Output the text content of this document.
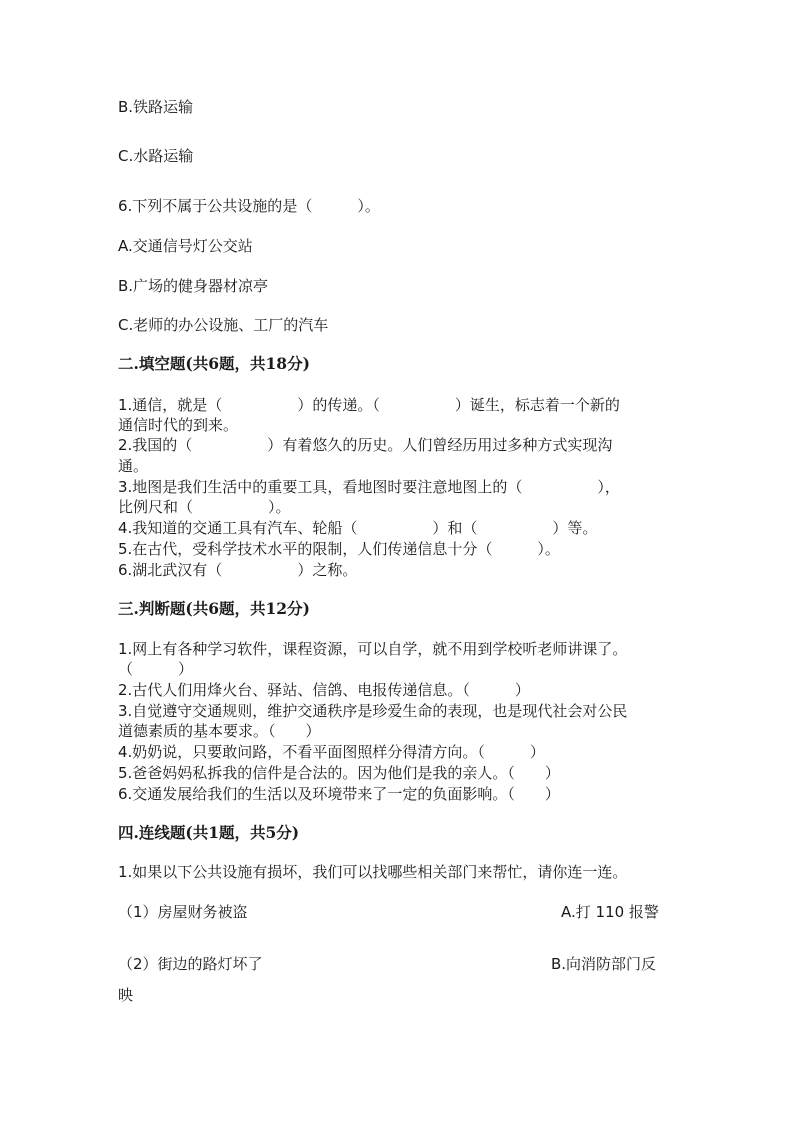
B.铁路运输
C.水路运输
6.下列不属于公共设施的是（　　　）。
A.交通信号灯公交站
B.广场的健身器材凉亭
C.老师的办公设施、工厂的汽车
二.填空题(共6题，共18分)
1.通信，就是（　　　　　）的传递。（　　　　　）诞生，标志着一个新的
通信时代的到来。
2.我国的（　　　　　）有着悠久的历史。人们曾经历用过多种方式实现沟
通。
3.地图是我们生活中的重要工具，看地图时要注意地图上的（　　　　　），
比例尺和（　　　　　）。
4.我知道的交通工具有汽车、轮船（　　　　　）和（　　　　　）等。
5.在古代，受科学技术水平的限制，人们传递信息十分（　　　）。
6.湖北武汉有（　　　　　）之称。
三.判断题(共6题，共12分)
1.网上有各种学习软件，课程资源，可以自学，就不用到学校听老师讲课了。
（　　　）
2.古代人们用烽火台、驿站、信鸽、电报传递信息。（　　　）
3.自觉遵守交通规则，维护交通秩序是珍爱生命的表现，也是现代社会对公民
道德素质的基本要求。（　　）
4.奶奶说，只要敢问路，不看平面图照样分得清方向。（　　　）
5.爸爸妈妈私拆我的信件是合法的。因为他们是我的亲人。（　　）
6.交通发展给我们的生活以及环境带来了一定的负面影响。（　　）
四.连线题(共1题，共5分)
1.如果以下公共设施有损坏，我们可以找哪些相关部门来帮忙，请你连一连。
（1）房屋财务被盗	A.打 110 报警
（2）街边的路灯坏了	B.向消防部门反
映
